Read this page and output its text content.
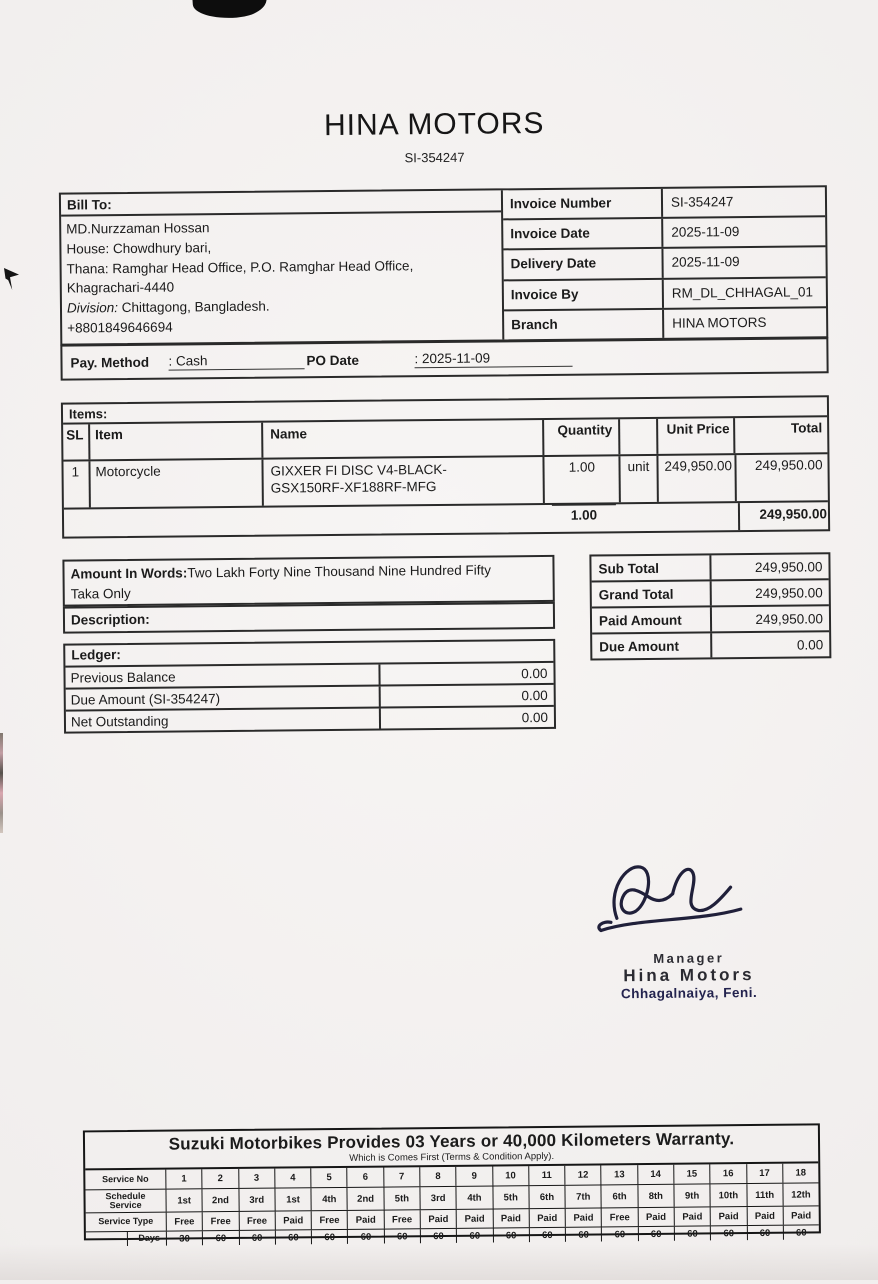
HINA MOTORS
SI-354247
Bill To:
MD.Nurzzaman Hossan
House: Chowdhury bari,
Thana: Ramghar Head Office, P.O. Ramghar Head Office,
Khagrachari-4440
Division: Chittagong, Bangladesh.
+8801849646694
Invoice Number	SI-354247
Invoice Date	2025-11-09
Delivery Date	2025-11-09
Invoice By	RM_DL_CHHAGAL_01
Branch	HINA MOTORS
Pay. Method : Cash	PO Date	: 2025-11-09
Items:
SL Item	Name	Quantity	Unit Price	Total
1	Motorcycle	GIXXER FI DISC V4-BLACK-
GSX150RF-XF188RF-MFG
1.00	unit	249,950.00	249,950.00
1.00	249,950.00
Amount In Words:Two Lakh Forty Nine Thousand Nine Hundred Fifty
Taka Only
Description:
Sub Total	249,950.00
Grand Total	249,950.00
Paid Amount	249,950.00
Due Amount	0.00
Ledger:
Previous Balance	0.00
Due Amount (SI-354247)	0.00
Net Outstanding	0.00
Manager
Hina Motors
Chhagalnaiya, Feni.
Suzuki Motorbikes Provides 03 Years or 40,000 Kilometers Warranty.
Which is Comes First (Terms & Condition Apply).
Service No	1	2	3	4	5	6	7	8	9	10	11	12	13	14	15	16	17	18
Schedule Service	1st	2nd	3rd	1st	4th	2nd	5th	3rd	4th	5th	6th	7th	6th	8th	9th	10th	11th	12th
Service Type	Free	Free	Free	Paid	Free	Paid	Free	Paid	Paid	Paid	Paid	Paid	Free	Paid	Paid	Paid	Paid	Paid
Days	30	60	60	60	60	60	60	60	60	60	60	60	60	60	60	60	60	60
